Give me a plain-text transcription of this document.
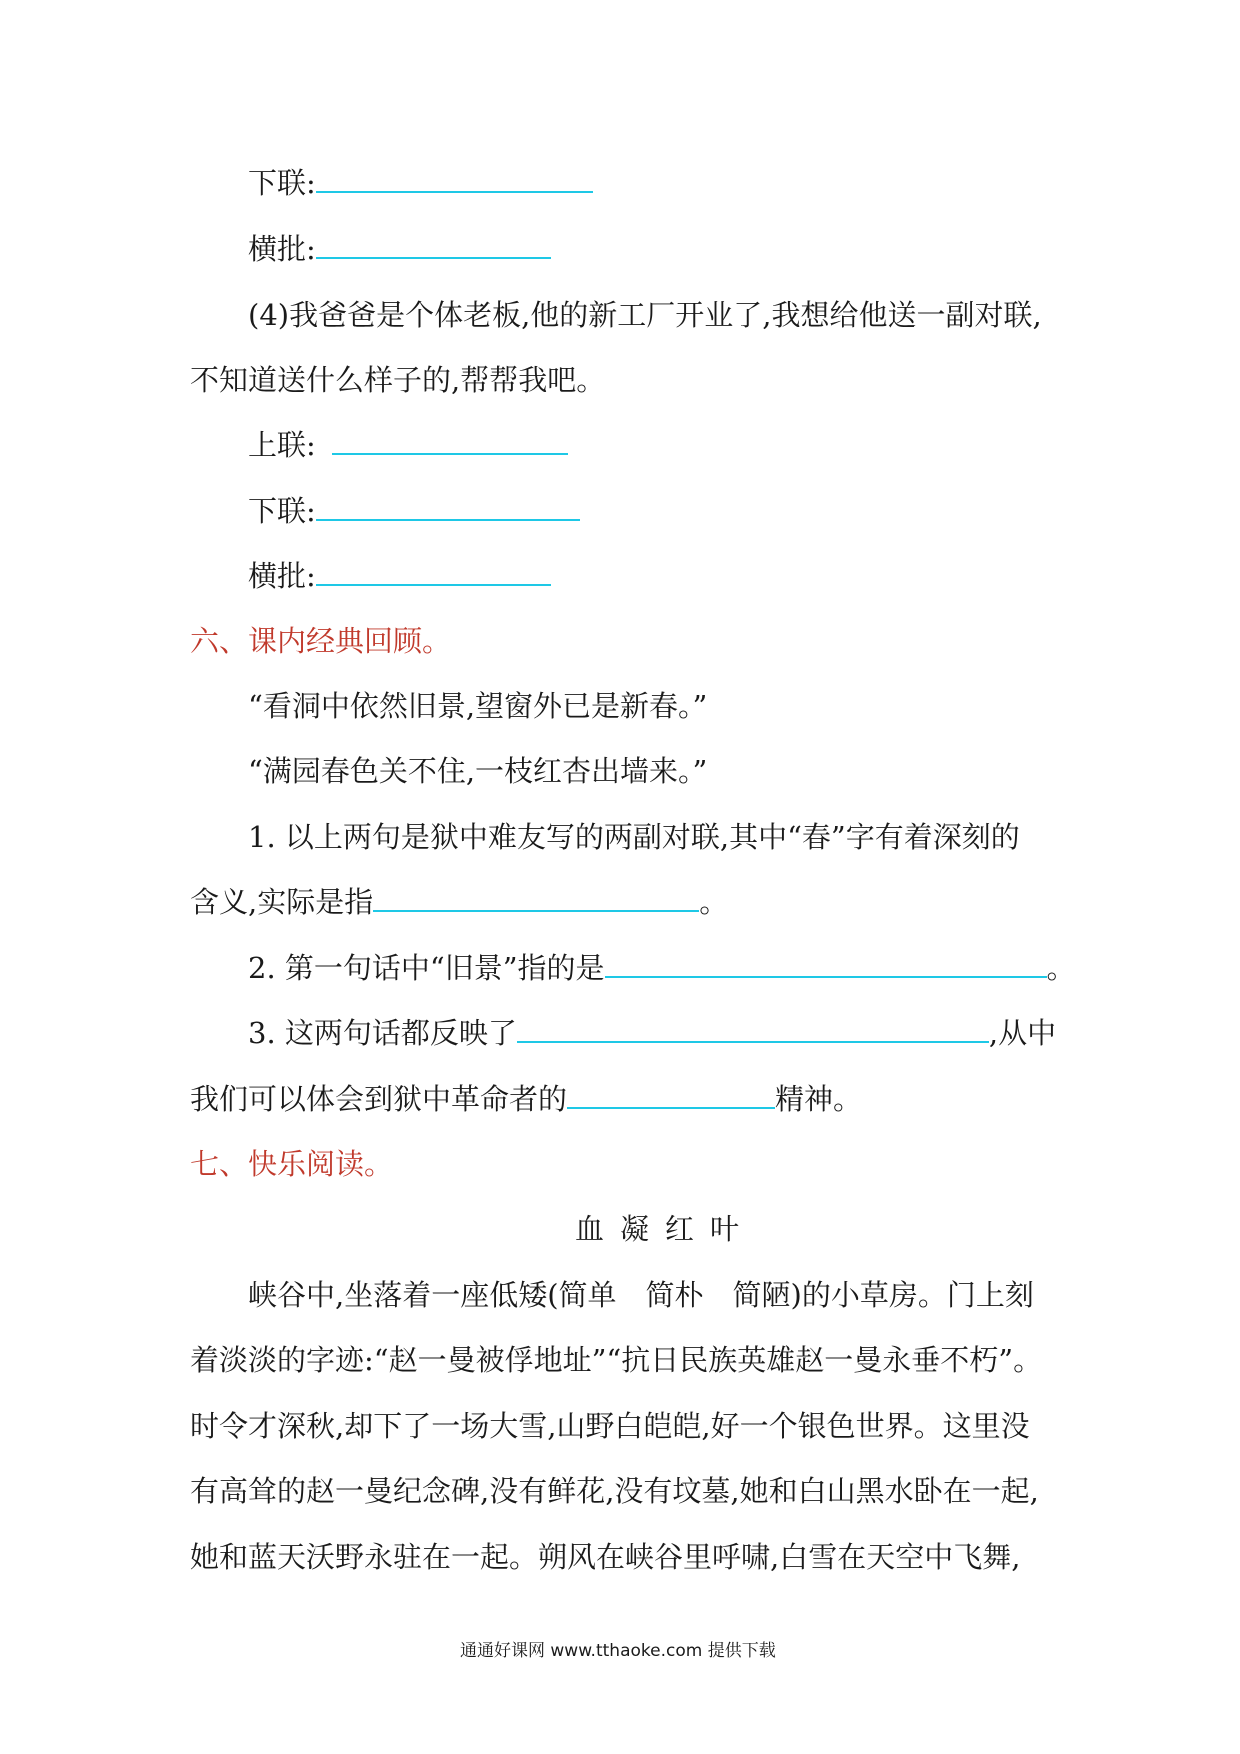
下联:
横批:
(4)我爸爸是个体老板,他的新工厂开业了,我想给他送一副对联,
不知道送什么样子的,帮帮我吧。
上联:
下联:
横批:
六、课内经典回顾。
“看洞中依然旧景,望窗外已是新春。”
“满园春色关不住,一枝红杏出墙来。”
1. 以上两句是狱中难友写的两副对联,其中“春”字有着深刻的
含义,实际是指	。
2. 第一句话中“旧景”指的是	。
3. 这两句话都反映了	,从中
我们可以体会到狱中革命者的	精神。
七、快乐阅读。
血凝红叶
峡谷中,坐落着一座低矮(简单　简朴　简陋)的小草房。门上刻
着淡淡的字迹:“赵一曼被俘地址”“抗日民族英雄赵一曼永垂不朽”。
时令才深秋,却下了一场大雪,山野白皑皑,好一个银色世界。这里没
有高耸的赵一曼纪念碑,没有鲜花,没有坟墓,她和白山黑水卧在一起,
她和蓝天沃野永驻在一起。朔风在峡谷里呼啸,白雪在天空中飞舞,
通通好课网 www.tthaoke.com 提供下载
